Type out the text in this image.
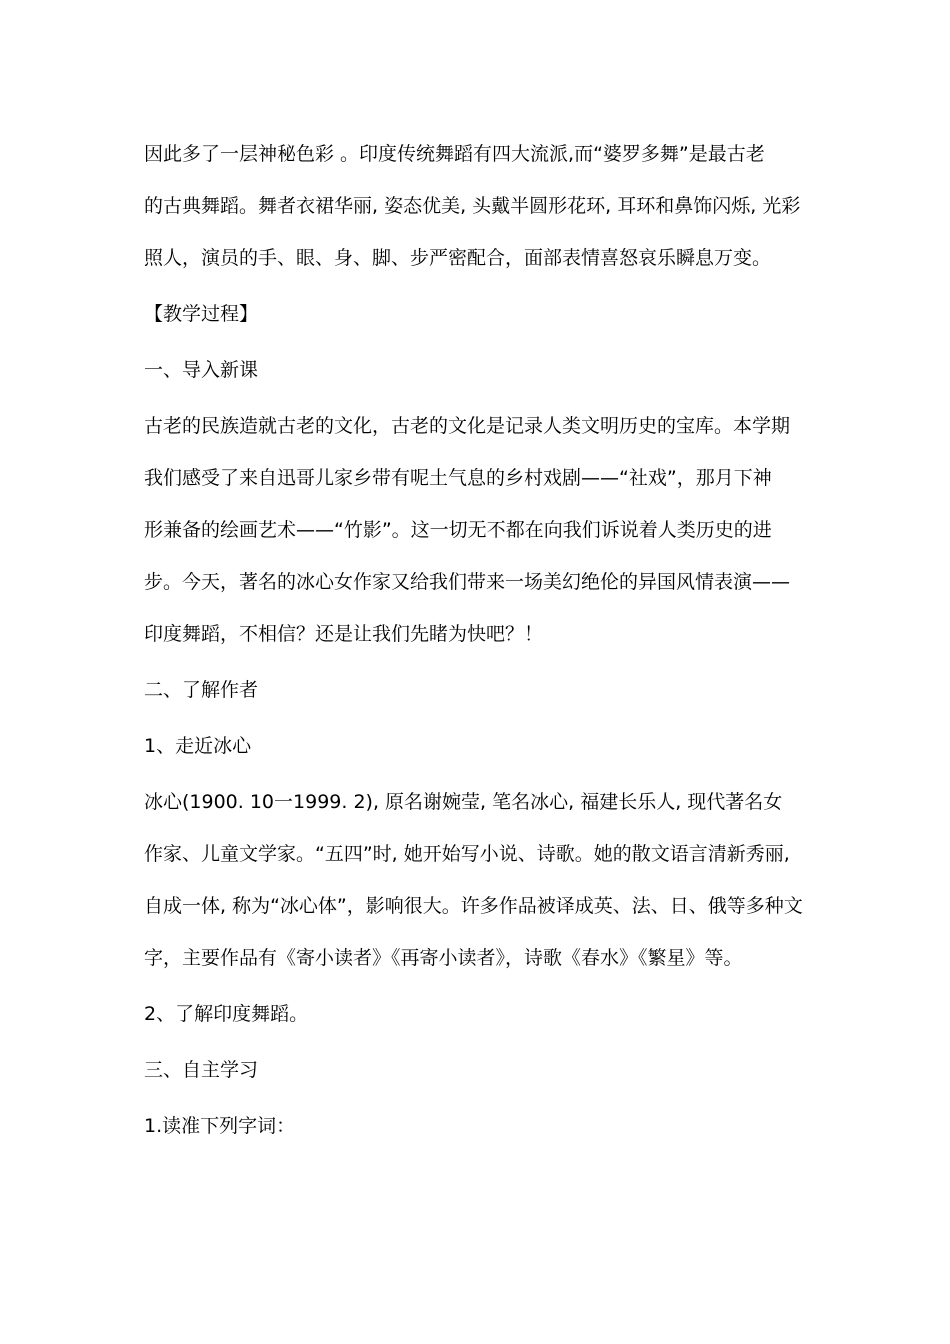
因此多了一层神秘色彩 。印度传统舞蹈有四大流派,而“婆罗多舞”是最古老
的古典舞蹈。舞者衣裙华丽, 姿态优美, 头戴半圆形花环, 耳环和鼻饰闪烁, 光彩
照人，演员的手、眼、身、脚、步严密配合，面部表情喜怒哀乐瞬息万变。
【教学过程】
一、导入新课
古老的民族造就古老的文化，古老的文化是记录人类文明历史的宝库。本学期
我们感受了来自迅哥儿家乡带有呢土气息的乡村戏剧——“社戏”，那月下神
形兼备的绘画艺术——“竹影”。这一切无不都在向我们诉说着人类历史的进
步。今天，著名的冰心女作家又给我们带来一场美幻绝伦的异国风情表演——
印度舞蹈，不相信？还是让我们先睹为快吧？！
二、了解作者
1、走近冰心
冰心(1900. 10一1999. 2), 原名谢婉莹, 笔名冰心, 福建长乐人, 现代著名女
作家、儿童文学家。“五四”时, 她开始写小说、诗歌。她的散文语言清新秀丽,
自成一体, 称为“冰心体”，影响很大。许多作品被译成英、法、日、俄等多种文
字，主要作品有《寄小读者》《再寄小读者》，诗歌《春水》《繁星》等。
2、了解印度舞蹈。
三、自主学习
1.读准下列字词：
